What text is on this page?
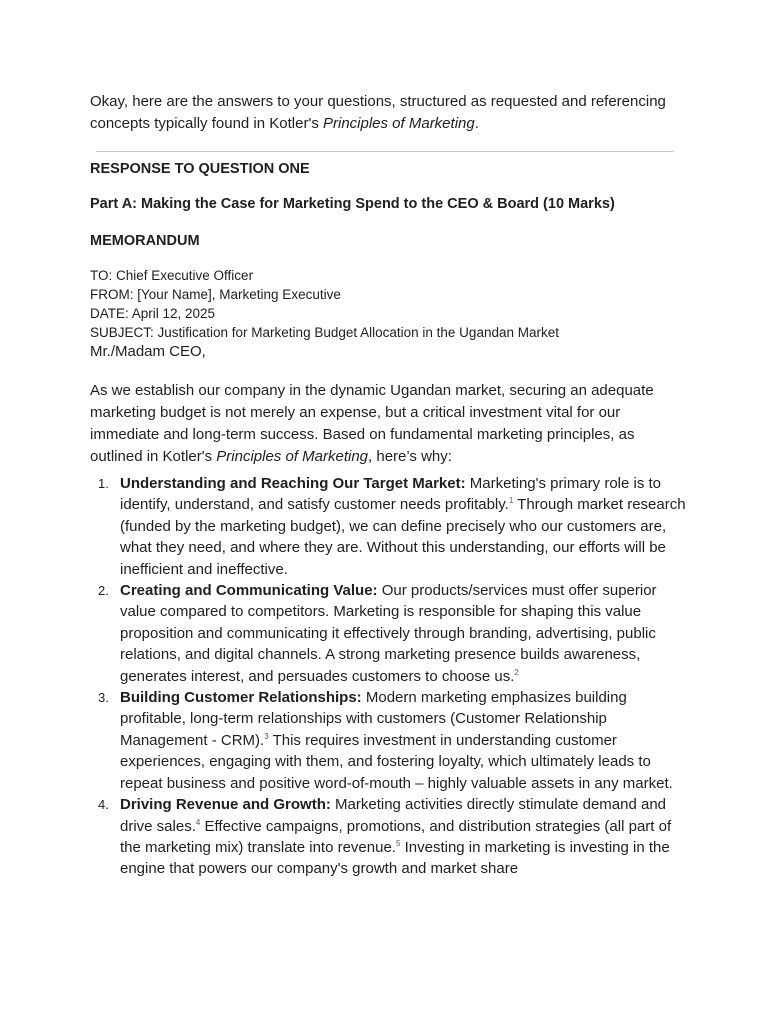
Okay, here are the answers to your questions, structured as requested and referencing concepts typically found in Kotler's Principles of Marketing.

RESPONSE TO QUESTION ONE
Part A: Making the Case for Marketing Spend to the CEO & Board (10 Marks)
MEMORANDUM
TO: Chief Executive Officer
FROM: [Your Name], Marketing Executive
DATE: April 12, 2025
SUBJECT: Justification for Marketing Budget Allocation in the Ugandan Market
Mr./Madam CEO,

As we establish our company in the dynamic Ugandan market, securing an adequate marketing budget is not merely an expense, but a critical investment vital for our immediate and long-term success. Based on fundamental marketing principles, as outlined in Kotler's Principles of Marketing, here’s why:

1. Understanding and Reaching Our Target Market: Marketing's primary role is to identify, understand, and satisfy customer needs profitably.$^1$ Through market research (funded by the marketing budget), we can define precisely who our customers are, what they need, and where they are. Without this understanding, our efforts will be inefficient and ineffective.
2. Creating and Communicating Value: Our products/services must offer superior value compared to competitors. Marketing is responsible for shaping this value proposition and communicating it effectively through branding, advertising, public relations, and digital channels. A strong marketing presence builds awareness, generates interest, and persuades customers to choose us.$^2$
3. Building Customer Relationships: Modern marketing emphasizes building profitable, long-term relationships with customers (Customer Relationship Management - CRM).$^3$ This requires investment in understanding customer experiences, engaging with them, and fostering loyalty, which ultimately leads to repeat business and positive word-of-mouth – highly valuable assets in any market.
4. Driving Revenue and Growth: Marketing activities directly stimulate demand and drive sales.$^4$ Effective campaigns, promotions, and distribution strategies (all part of the marketing mix) translate into revenue.$^5$ Investing in marketing is investing in the engine that powers our company's growth and market share
